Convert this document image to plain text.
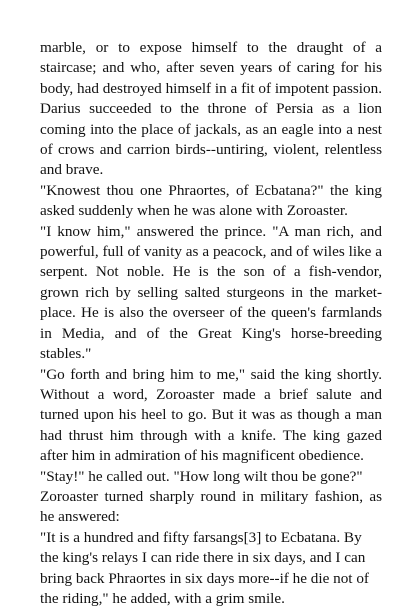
marble, or to expose himself to the draught of a staircase; and who, after seven years of caring for his body, had destroyed himself in a fit of impotent passion. Darius succeeded to the throne of Persia as a lion coming into the place of jackals, as an eagle into a nest of crows and carrion birds--untiring, violent, relentless and brave.

"Knowest thou one Phraortes, of Ecbatana?" the king asked suddenly when he was alone with Zoroaster.

"I know him," answered the prince. "A man rich, and powerful, full of vanity as a peacock, and of wiles like a serpent. Not noble. He is the son of a fish-vendor, grown rich by selling salted sturgeons in the market-place. He is also the overseer of the queen's farmlands in Media, and of the Great King's horse-breeding stables."

"Go forth and bring him to me," said the king shortly. Without a word, Zoroaster made a brief salute and turned upon his heel to go. But it was as though a man had thrust him through with a knife. The king gazed after him in admiration of his magnificent obedience.

"Stay!" he called out. "How long wilt thou be gone?"

Zoroaster turned sharply round in military fashion, as he answered:

"It is a hundred and fifty farsangs[3] to Ecbatana. By the king's relays I can ride there in six days, and I can bring back Phraortes in six days more--if he die not of the riding," he added, with a grim smile.
